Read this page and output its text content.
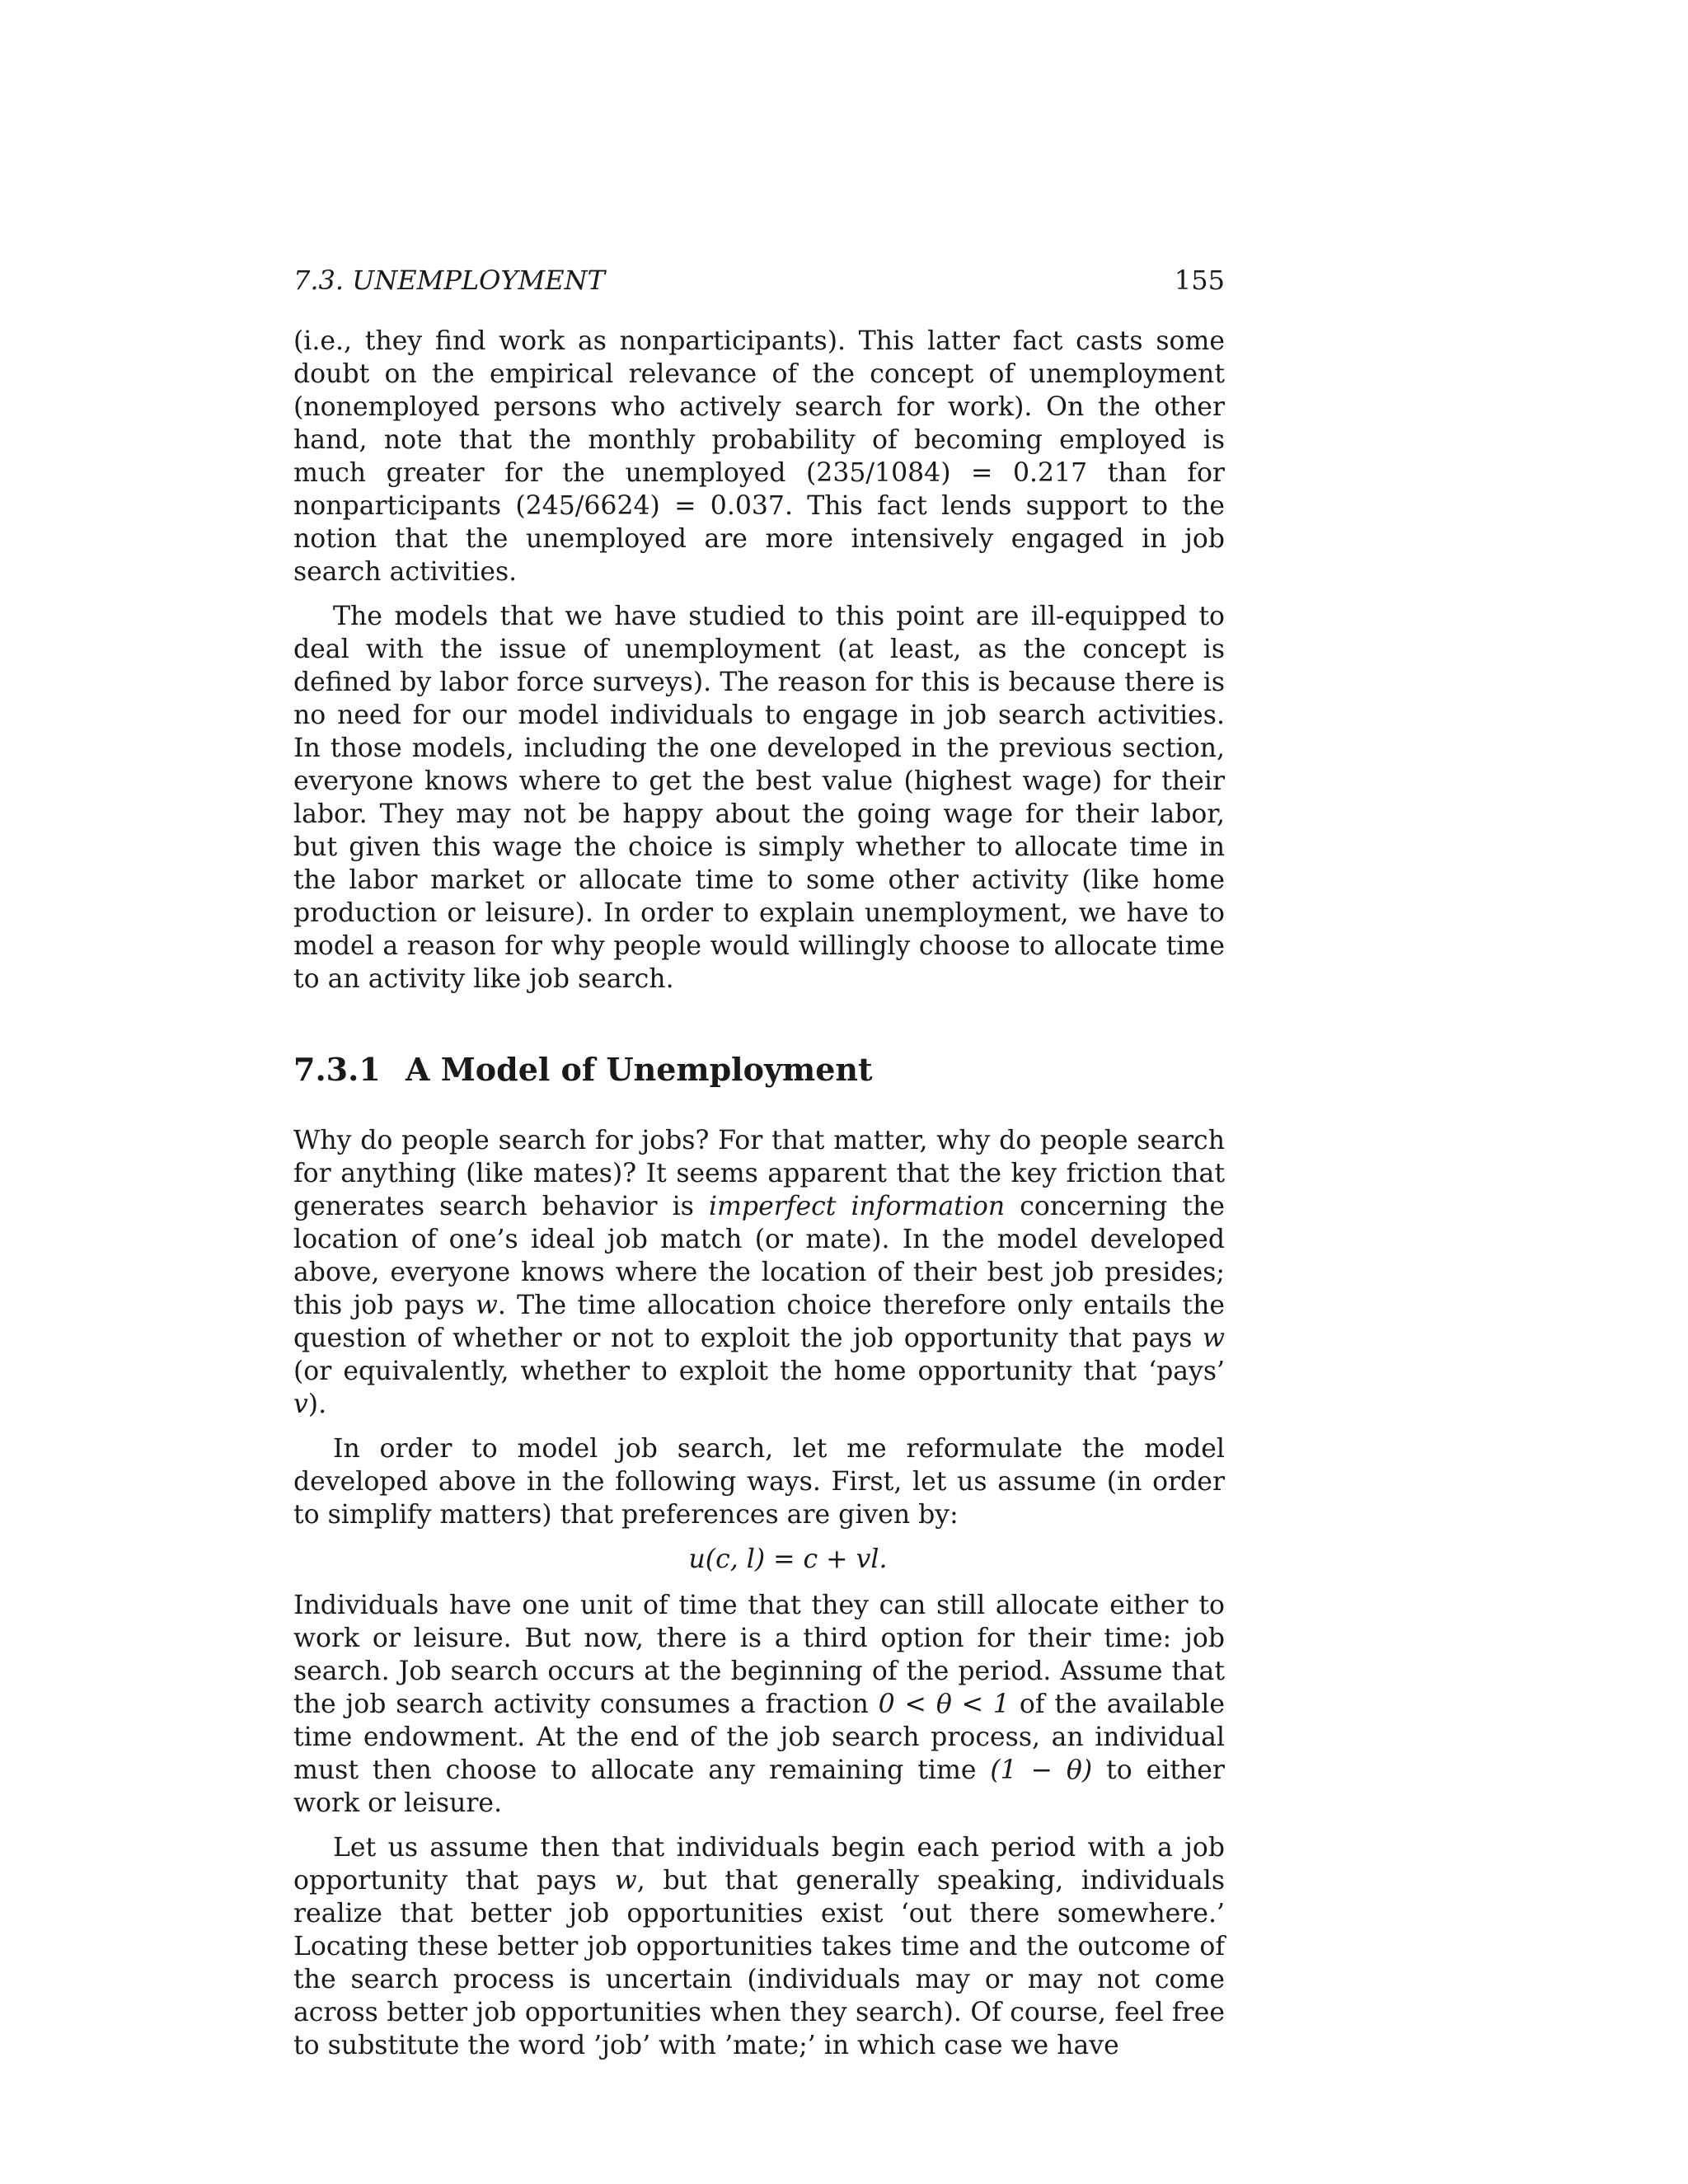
7.3. UNEMPLOYMENT	155

(i.e., they find work as nonparticipants). This latter fact casts some doubt on the empirical relevance of the concept of unemployment (nonemployed persons who actively search for work). On the other hand, note that the monthly probability of becoming employed is much greater for the unemployed (235/1084) = 0.217 than for nonparticipants (245/6624) = 0.037. This fact lends support to the notion that the unemployed are more intensively engaged in job search activities.

The models that we have studied to this point are ill-equipped to deal with the issue of unemployment (at least, as the concept is defined by labor force surveys). The reason for this is because there is no need for our model individuals to engage in job search activities. In those models, including the one developed in the previous section, everyone knows where to get the best value (highest wage) for their labor. They may not be happy about the going wage for their labor, but given this wage the choice is simply whether to allocate time in the labor market or allocate time to some other activity (like home production or leisure). In order to explain unemployment, we have to model a reason for why people would willingly choose to allocate time to an activity like job search.

7.3.1 A Model of Unemployment

Why do people search for jobs? For that matter, why do people search for anything (like mates)? It seems apparent that the key friction that generates search behavior is imperfect information concerning the location of one’s ideal job match (or mate). In the model developed above, everyone knows where the location of their best job presides; this job pays w. The time allocation choice therefore only entails the question of whether or not to exploit the job opportunity that pays w (or equivalently, whether to exploit the home opportunity that ‘pays’ v).

In order to model job search, let me reformulate the model developed above in the following ways. First, let us assume (in order to simplify matters) that preferences are given by:

u(c, l) = c + vl.

Individuals have one unit of time that they can still allocate either to work or leisure. But now, there is a third option for their time: job search. Job search occurs at the beginning of the period. Assume that the job search activity consumes a fraction 0 < θ < 1 of the available time endowment. At the end of the job search process, an individual must then choose to allocate any remaining time (1 − θ) to either work or leisure.

Let us assume then that individuals begin each period with a job opportunity that pays w, but that generally speaking, individuals realize that better job opportunities exist ‘out there somewhere.’ Locating these better job opportunities takes time and the outcome of the search process is uncertain (individuals may or may not come across better job opportunities when they search). Of course, feel free to substitute the word ’job’ with ’mate;’ in which case we have
